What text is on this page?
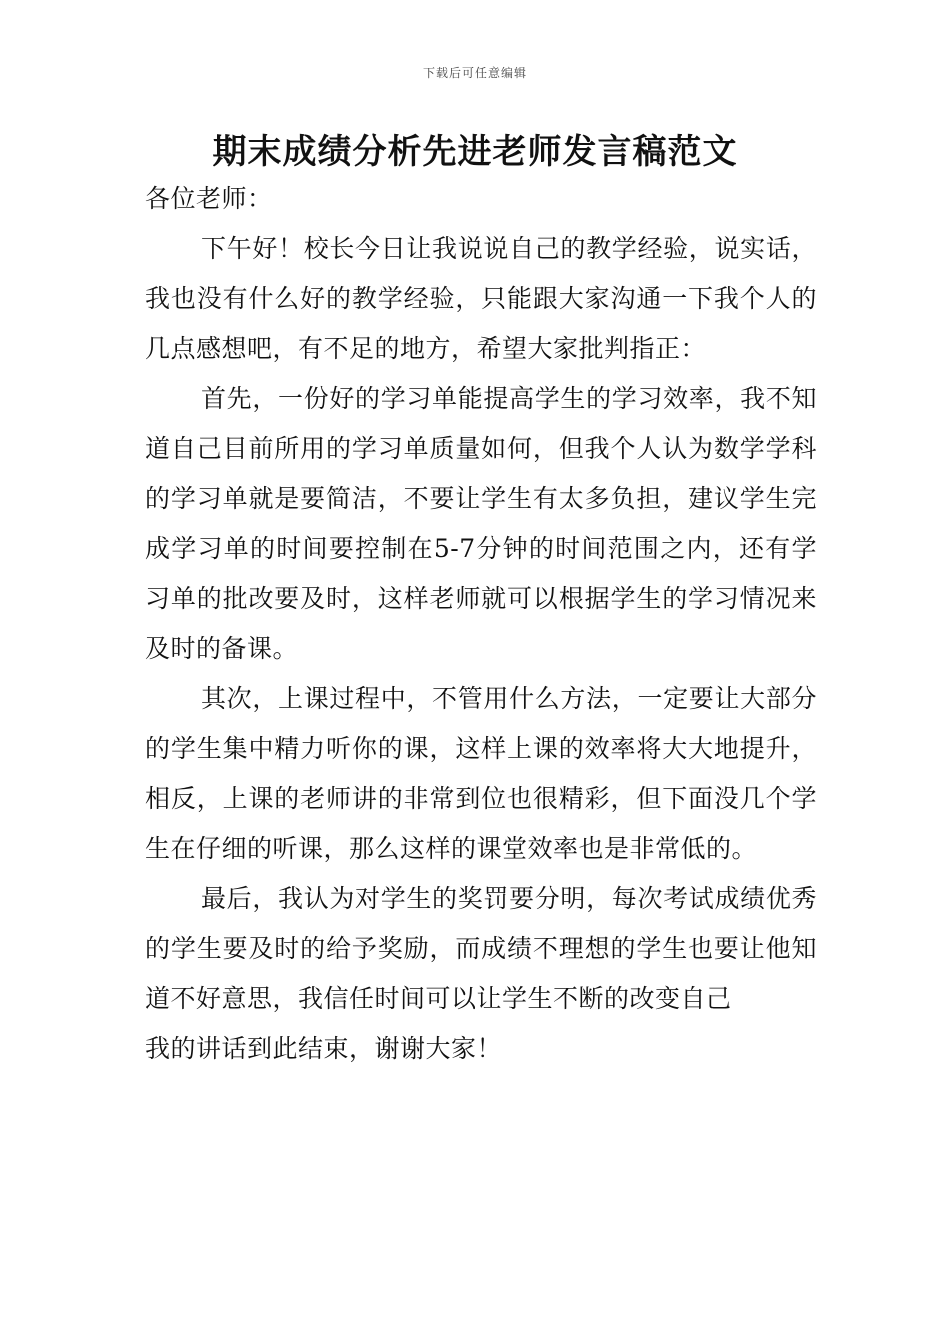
下载后可任意编辑
期末成绩分析先进老师发言稿范文

各位老师：

下午好！校长今日让我说说自己的教学经验，说实话，我也没有什么好的教学经验，只能跟大家沟通一下我个人的几点感想吧，有不足的地方，希望大家批判指正：

首先，一份好的学习单能提高学生的学习效率，我不知道自己目前所用的学习单质量如何，但我个人认为数学学科的学习单就是要简洁，不要让学生有太多负担，建议学生完成学习单的时间要控制在5-7分钟的时间范围之内，还有学习单的批改要及时，这样老师就可以根据学生的学习情况来及时的备课。

其次，上课过程中，不管用什么方法，一定要让大部分的学生集中精力听你的课，这样上课的效率将大大地提升，相反，上课的老师讲的非常到位也很精彩，但下面没几个学生在仔细的听课，那么这样的课堂效率也是非常低的。

最后，我认为对学生的奖罚要分明，每次考试成绩优秀的学生要及时的给予奖励，而成绩不理想的学生也要让他知道不好意思，我信任时间可以让学生不断的改变自己

我的讲话到此结束，谢谢大家！
